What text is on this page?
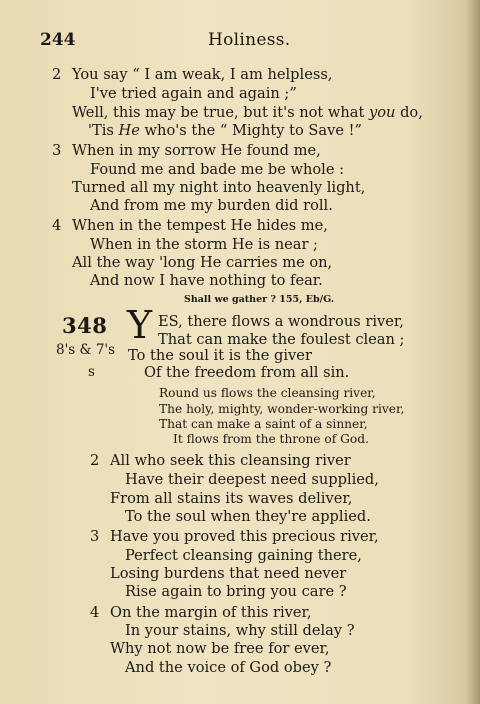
244	Holiness.
2 You say “ I am weak, I am helpless,
I've tried again and again ;”
Well, this may be true, but it's not what you do,
'Tis He who's the “ Mighty to Save !”
3 When in my sorrow He found me,
Found me and bade me be whole :
Turned all my night into heavenly light,
And from me my burden did roll.
4 When in the tempest He hides me,
When in the storm He is near ;
All the way 'long He carries me on,
And now I have nothing to fear.
Shall we gather ? 155, Eb/G.
348
8's & 7's
s
Y ES, there flows a wondrous river,
That can make the foulest clean ;
To the soul it is the giver
Of the freedom from all sin.
Round us flows the cleansing river,
The holy, mighty, wonder-working river,
That can make a saint of a sinner,
It flows from the throne of God.
2 All who seek this cleansing river
Have their deepest need supplied,
From all stains its waves deliver,
To the soul when they're applied.
3 Have you proved this precious river,
Perfect cleansing gaining there,
Losing burdens that need never
Rise again to bring you care ?
4 On the margin of this river,
In your stains, why still delay ?
Why not now be free for ever,
And the voice of God obey ?
